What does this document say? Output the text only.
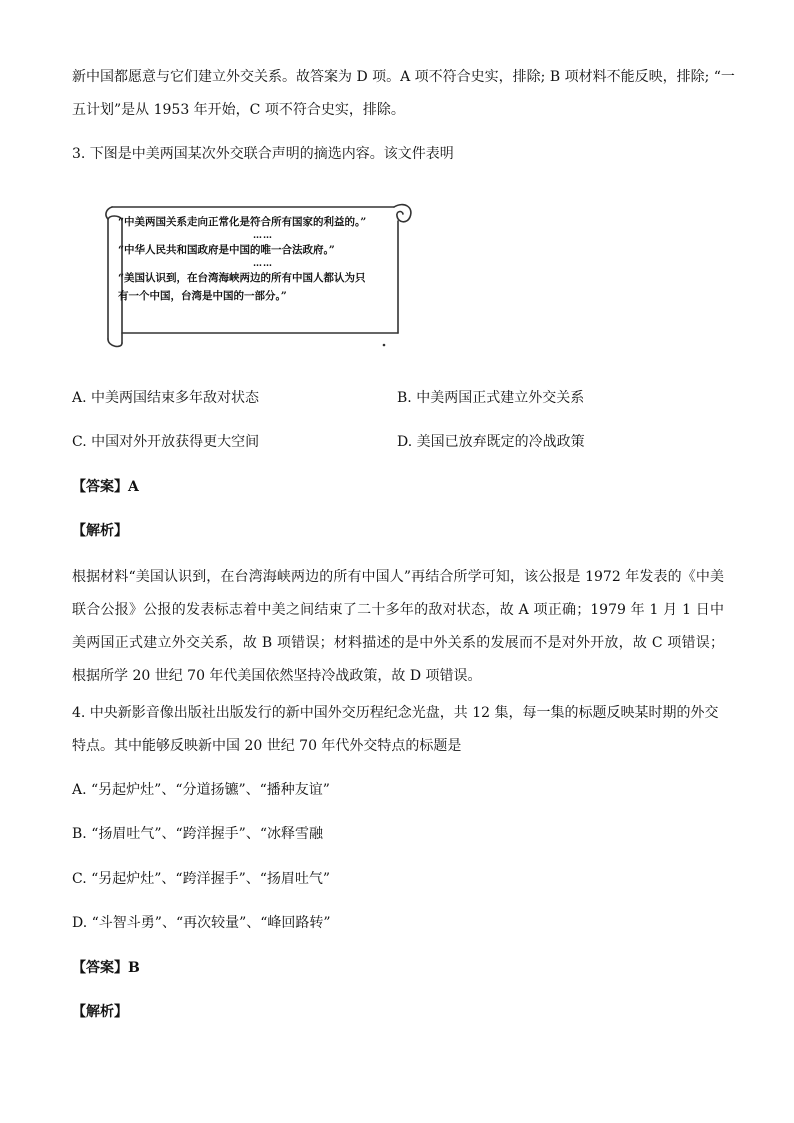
新中国都愿意与它们建立外交关系。故答案为 D 项。A 项不符合史实，排除; B 项材料不能反映，排除; “一
五计划”是从 1953 年开始，C 项不符合史实，排除。
3. 下图是中美两国某次外交联合声明的摘选内容。该文件表明
“中美两国关系走向正常化是符合所有国家的利益的。”
……
“中华人民共和国政府是中国的唯一合法政府。”
……
“美国认识到，在台湾海峡两边的所有中国人都认为只
有一个中国，台湾是中国的一部分。”
A. 中美两国结束多年敌对状态	B. 中美两国正式建立外交关系
C. 中国对外开放获得更大空间	D. 美国已放弃既定的冷战政策
【答案】A
【解析】
根据材料“美国认识到，在台湾海峡两边的所有中国人”再结合所学可知，该公报是 1972 年发表的《中美联合公报》公报的发表标志着中美之间结束了二十多年的敌对状态，故 A 项正确；1979 年 1 月 1 日中美两国正式建立外交关系，故 B 项错误；材料描述的是中外关系的发展而不是对外开放，故 C 项错误；根据所学 20 世纪 70 年代美国依然坚持冷战政策，故 D 项错误。
4. 中央新影音像出版社出版发行的新中国外交历程纪念光盘，共 12 集，每一集的标题反映某时期的外交
特点。其中能够反映新中国 20 世纪 70 年代外交特点的标题是
A. “另起炉灶”、“分道扬镳”、“播种友谊”
B. “扬眉吐气”、“跨洋握手”、“冰释雪融
C. “另起炉灶”、“跨洋握手”、“扬眉吐气”
D. “斗智斗勇”、“再次较量”、“峰回路转”
【答案】B
【解析】
